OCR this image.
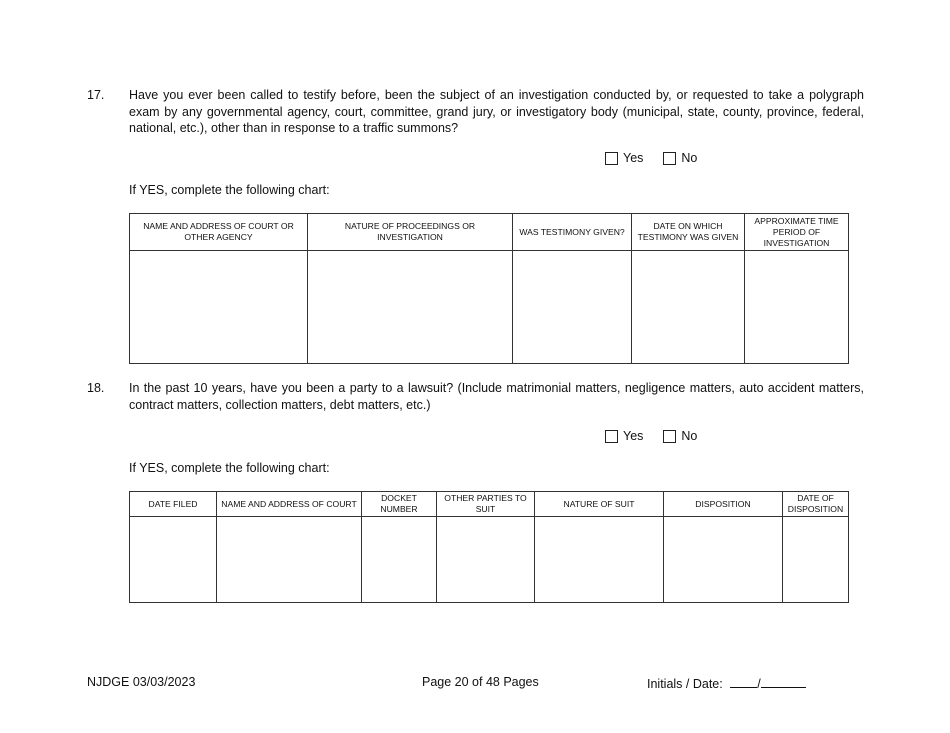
17. Have you ever been called to testify before, been the subject of an investigation conducted by, or requested to take a polygraph exam by any governmental agency, court, committee, grand jury, or investigatory body (municipal, state, county, province, federal, national, etc.), other than in response to a traffic summons?
Yes	No
If YES, complete the following chart:
NAME AND ADDRESS OF COURT OR OTHER AGENCY	NATURE OF PROCEEDINGS OR INVESTIGATION	WAS TESTIMONY GIVEN?	DATE ON WHICH TESTIMONY WAS GIVEN	APPROXIMATE TIME PERIOD OF INVESTIGATION

18. In the past 10 years, have you been a party to a lawsuit? (Include matrimonial matters, negligence matters, auto accident matters, contract matters, collection matters, debt matters, etc.)
Yes	No
If YES, complete the following chart:
DATE FILED	NAME AND ADDRESS OF COURT	DOCKET NUMBER	OTHER PARTIES TO SUIT	NATURE OF SUIT	DISPOSITION	DATE OF DISPOSITION

NJDGE 03/03/2023	Page 20 of 48 Pages	Initials / Date:	/
